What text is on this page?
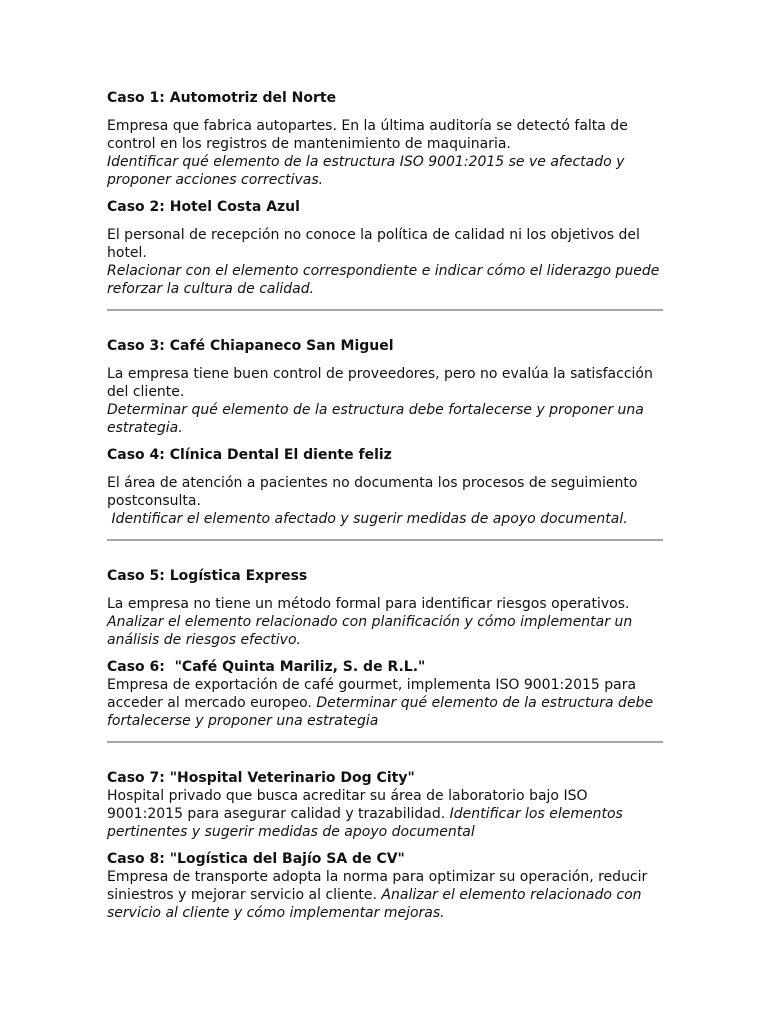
Caso 1: Automotriz del Norte

Empresa que fabrica autopartes. En la última auditoría se detectó falta de control en los registros de mantenimiento de maquinaria.
Identificar qué elemento de la estructura ISO 9001:2015 se ve afectado y proponer acciones correctivas.

Caso 2: Hotel Costa Azul

El personal de recepción no conoce la política de calidad ni los objetivos del hotel.
Relacionar con el elemento correspondiente e indicar cómo el liderazgo puede reforzar la cultura de calidad.

Caso 3: Café Chiapaneco San Miguel

La empresa tiene buen control de proveedores, pero no evalúa la satisfacción del cliente.
Determinar qué elemento de la estructura debe fortalecerse y proponer una estrategia.

Caso 4: Clínica Dental El diente feliz

El área de atención a pacientes no documenta los procesos de seguimiento postconsulta.
Identificar el elemento afectado y sugerir medidas de apoyo documental.

Caso 5: Logística Express

La empresa no tiene un método formal para identificar riesgos operativos.
Analizar el elemento relacionado con planificación y cómo implementar un análisis de riesgos efectivo.

Caso 6:  "Café Quinta Mariliz, S. de R.L."

Empresa de exportación de café gourmet, implementa ISO 9001:2015 para acceder al mercado europeo. Determinar qué elemento de la estructura debe fortalecerse y proponer una estrategia

Caso 7: "Hospital Veterinario Dog City"

Hospital privado que busca acreditar su área de laboratorio bajo ISO 9001:2015 para asegurar calidad y trazabilidad. Identificar los elementos pertinentes y sugerir medidas de apoyo documental

Caso 8: "Logística del Bajío SA de CV"

Empresa de transporte adopta la norma para optimizar su operación, reducir siniestros y mejorar servicio al cliente. Analizar el elemento relacionado con servicio al cliente y cómo implementar mejoras.
